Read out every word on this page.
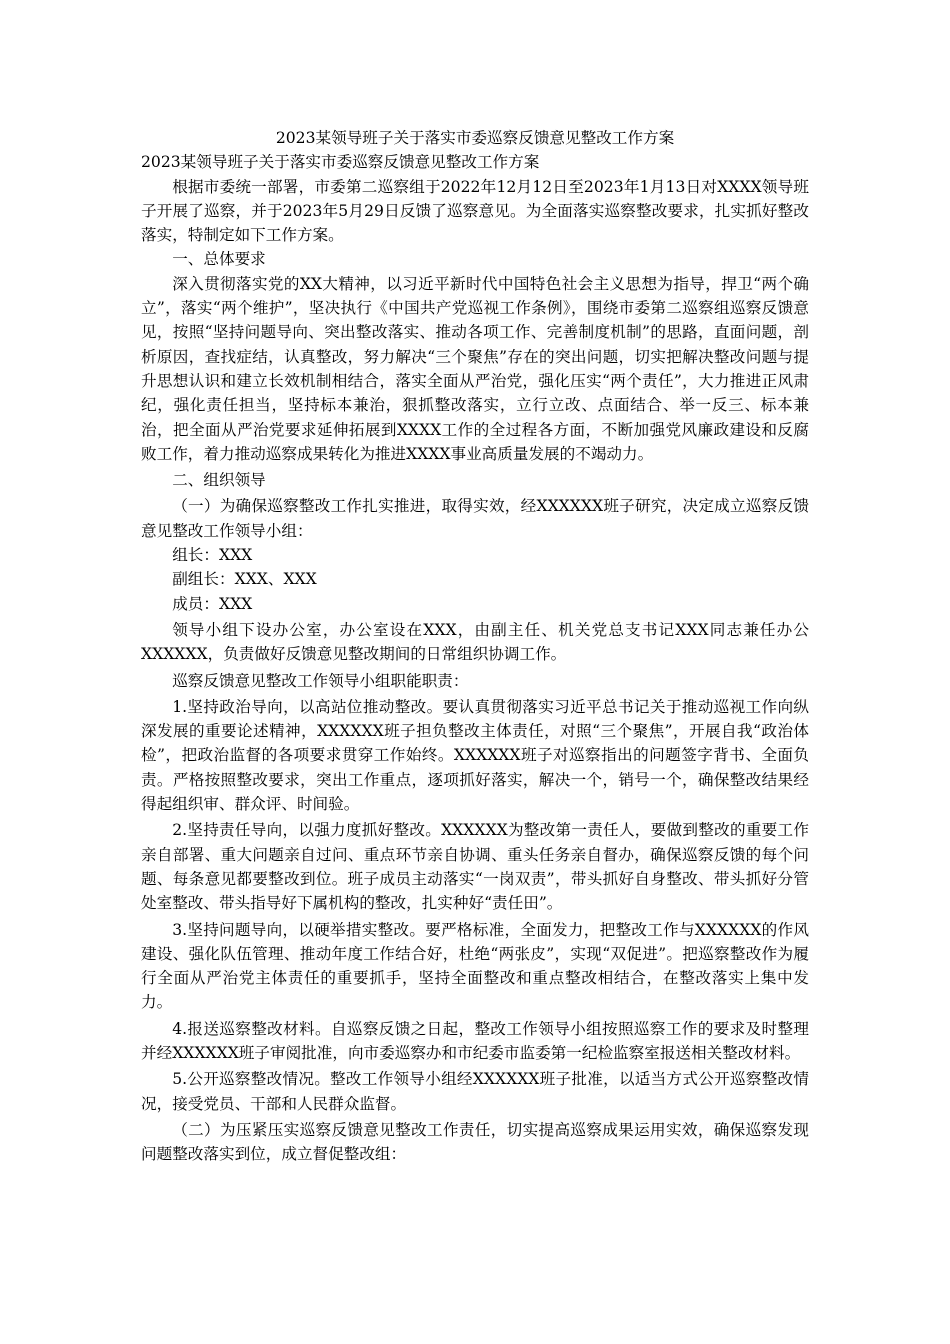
2023某领导班子关于落实市委巡察反馈意见整改工作方案

2023某领导班子关于落实市委巡察反馈意见整改工作方案

根据市委统一部署，市委第二巡察组于2022年12月12日至2023年1月13日对XXXX领导班子开展了巡察，并于2023年5月29日反馈了巡察意见。为全面落实巡察整改要求，扎实抓好整改落实，特制定如下工作方案。

一、总体要求

深入贯彻落实党的XX大精神，以习近平新时代中国特色社会主义思想为指导，捍卫“两个确立”，落实“两个维护”，坚决执行《中国共产党巡视工作条例》，围绕市委第二巡察组巡察反馈意见，按照“坚持问题导向、突出整改落实、推动各项工作、完善制度机制”的思路，直面问题，剖析原因，查找症结，认真整改，努力解决“三个聚焦”存在的突出问题，切实把解决整改问题与提升思想认识和建立长效机制相结合，落实全面从严治党，强化压实“两个责任”，大力推进正风肃纪，强化责任担当，坚持标本兼治，狠抓整改落实，立行立改、点面结合、举一反三、标本兼治，把全面从严治党要求延伸拓展到XXXX工作的全过程各方面，不断加强党风廉政建设和反腐败工作，着力推动巡察成果转化为推进XXXX事业高质量发展的不竭动力。

二、组织领导

（一）为确保巡察整改工作扎实推进，取得实效，经XXXXXX班子研究，决定成立巡察反馈意见整改工作领导小组：

组长：XXX

副组长：XXX、XXX

成员：XXX

领导小组下设办公室，办公室设在XXX，由副主任、机关党总支书记XXX同志兼任办公XXXXXX，负责做好反馈意见整改期间的日常组织协调工作。

巡察反馈意见整改工作领导小组职能职责：

1.坚持政治导向，以高站位推动整改。要认真贯彻落实习近平总书记关于推动巡视工作向纵深发展的重要论述精神，XXXXXX班子担负整改主体责任，对照“三个聚焦”，开展自我“政治体检”，把政治监督的各项要求贯穿工作始终。XXXXXX班子对巡察指出的问题签字背书、全面负责。严格按照整改要求，突出工作重点，逐项抓好落实，解决一个，销号一个，确保整改结果经得起组织审、群众评、时间验。

2.坚持责任导向，以强力度抓好整改。XXXXXX为整改第一责任人，要做到整改的重要工作亲自部署、重大问题亲自过问、重点环节亲自协调、重头任务亲自督办，确保巡察反馈的每个问题、每条意见都要整改到位。班子成员主动落实“一岗双责”，带头抓好自身整改、带头抓好分管处室整改、带头指导好下属机构的整改，扎实种好“责任田”。

3.坚持问题导向，以硬举措实整改。要严格标准，全面发力，把整改工作与XXXXXX的作风建设、强化队伍管理、推动年度工作结合好，杜绝“两张皮”，实现“双促进”。把巡察整改作为履行全面从严治党主体责任的重要抓手，坚持全面整改和重点整改相结合，在整改落实上集中发力。

4.报送巡察整改材料。自巡察反馈之日起，整改工作领导小组按照巡察工作的要求及时整理并经XXXXXX班子审阅批准，向市委巡察办和市纪委市监委第一纪检监察室报送相关整改材料。

5.公开巡察整改情况。整改工作领导小组经XXXXXX班子批准，以适当方式公开巡察整改情况，接受党员、干部和人民群众监督。

（二）为压紧压实巡察反馈意见整改工作责任，切实提高巡察成果运用实效，确保巡察发现问题整改落实到位，成立督促整改组：
